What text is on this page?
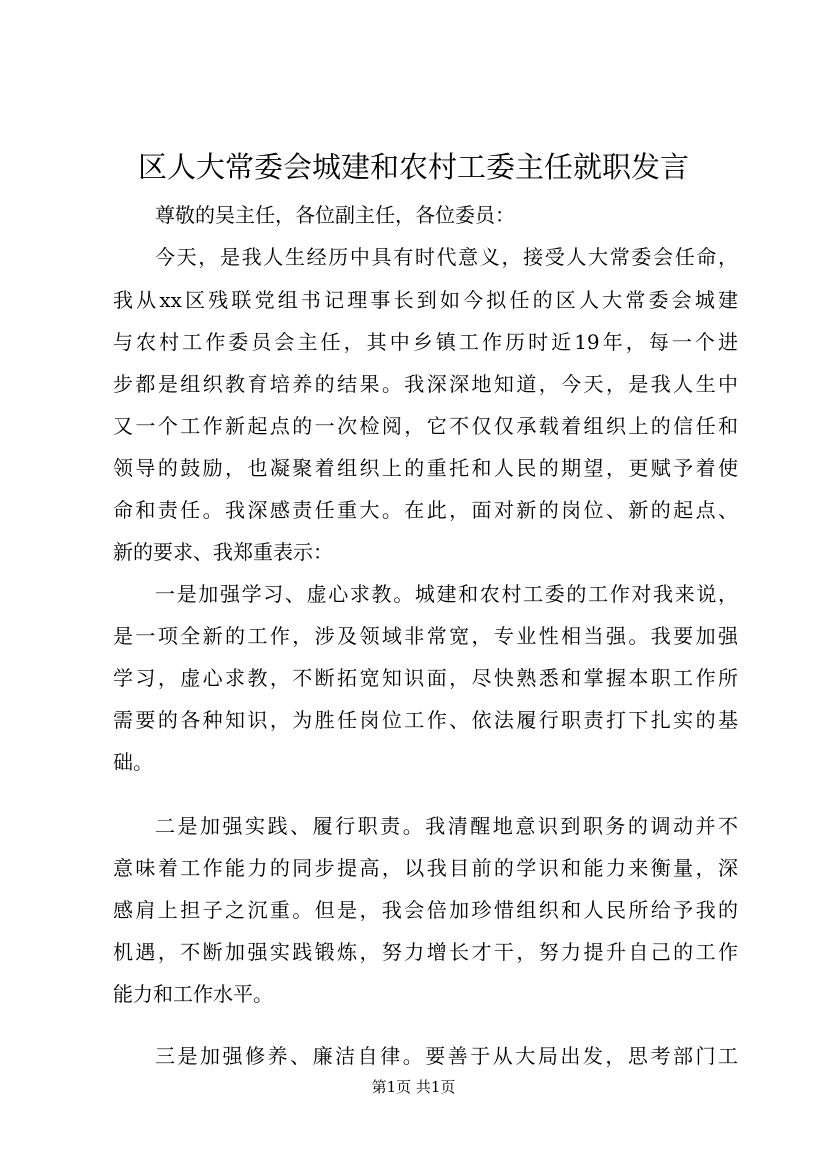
区人大常委会城建和农村工委主任就职发言
尊敬的吴主任，各位副主任，各位委员：
今天，是我人生经历中具有时代意义，接受人大常委会任命，
我从xx区残联党组书记理事长到如今拟任的区人大常委会城建
与农村工作委员会主任，其中乡镇工作历时近19年，每一个进
步都是组织教育培养的结果。我深深地知道，今天，是我人生中
又一个工作新起点的一次检阅，它不仅仅承载着组织上的信任和
领导的鼓励，也凝聚着组织上的重托和人民的期望，更赋予着使
命和责任。我深感责任重大。在此，面对新的岗位、新的起点、
新的要求、我郑重表示：
一是加强学习、虚心求教。城建和农村工委的工作对我来说，
是一项全新的工作，涉及领域非常宽，专业性相当强。我要加强
学习，虚心求教，不断拓宽知识面，尽快熟悉和掌握本职工作所
需要的各种知识，为胜任岗位工作、依法履行职责打下扎实的基
础。
二是加强实践、履行职责。我清醒地意识到职务的调动并不
意味着工作能力的同步提高，以我目前的学识和能力来衡量，深
感肩上担子之沉重。但是，我会倍加珍惜组织和人民所给予我的
机遇，不断加强实践锻炼，努力增长才干，努力提升自己的工作
能力和工作水平。
三是加强修养、廉洁自律。要善于从大局出发，思考部门工
第1页 共1页
